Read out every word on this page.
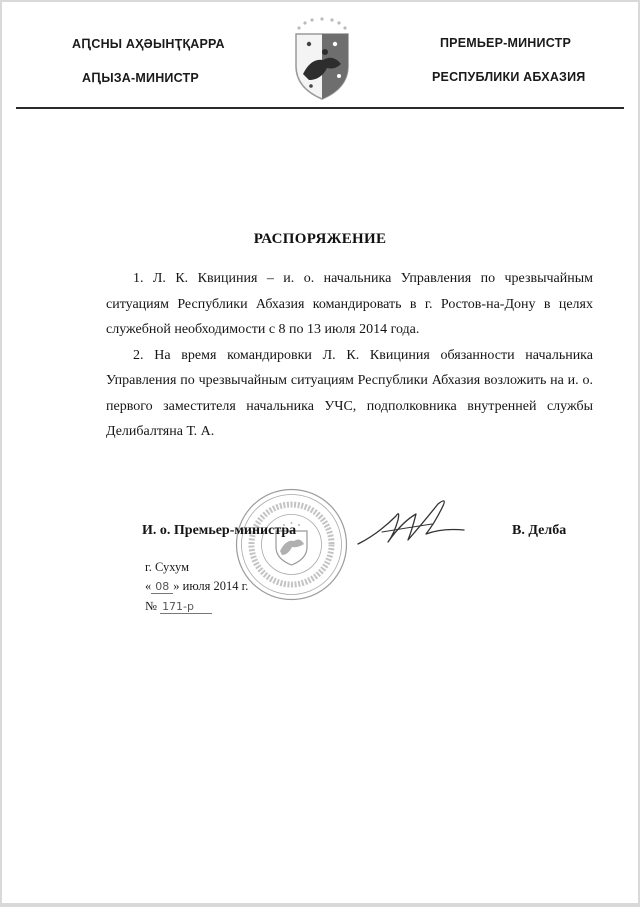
АԤСНЫ АҲӘЫНҬҚАРРА
АԤЫЗА-МИНИСТР
ПРЕМЬЕР-МИНИСТР
РЕСПУБЛИКИ АБХАЗИЯ
РАСПОРЯЖЕНИЕ

1. Л. К. Квициния – и. о. начальника Управления по чрезвычайным ситуациям Республики Абхазия командировать в г. Ростов-на-Дону в целях служебной необходимости с 8 по 13 июля 2014 года.

2. На время командировки Л. К. Квициния обязанности начальника Управления по чрезвычайным ситуациям Республики Абхазия возложить на и. о. первого заместителя начальника УЧС, подполковника внутренней службы Делибалтяна Т. А.

И. о. Премьер-министра	В. Делба
г. Сухум
« 08 » июля 2014 г.
№ 171-р
